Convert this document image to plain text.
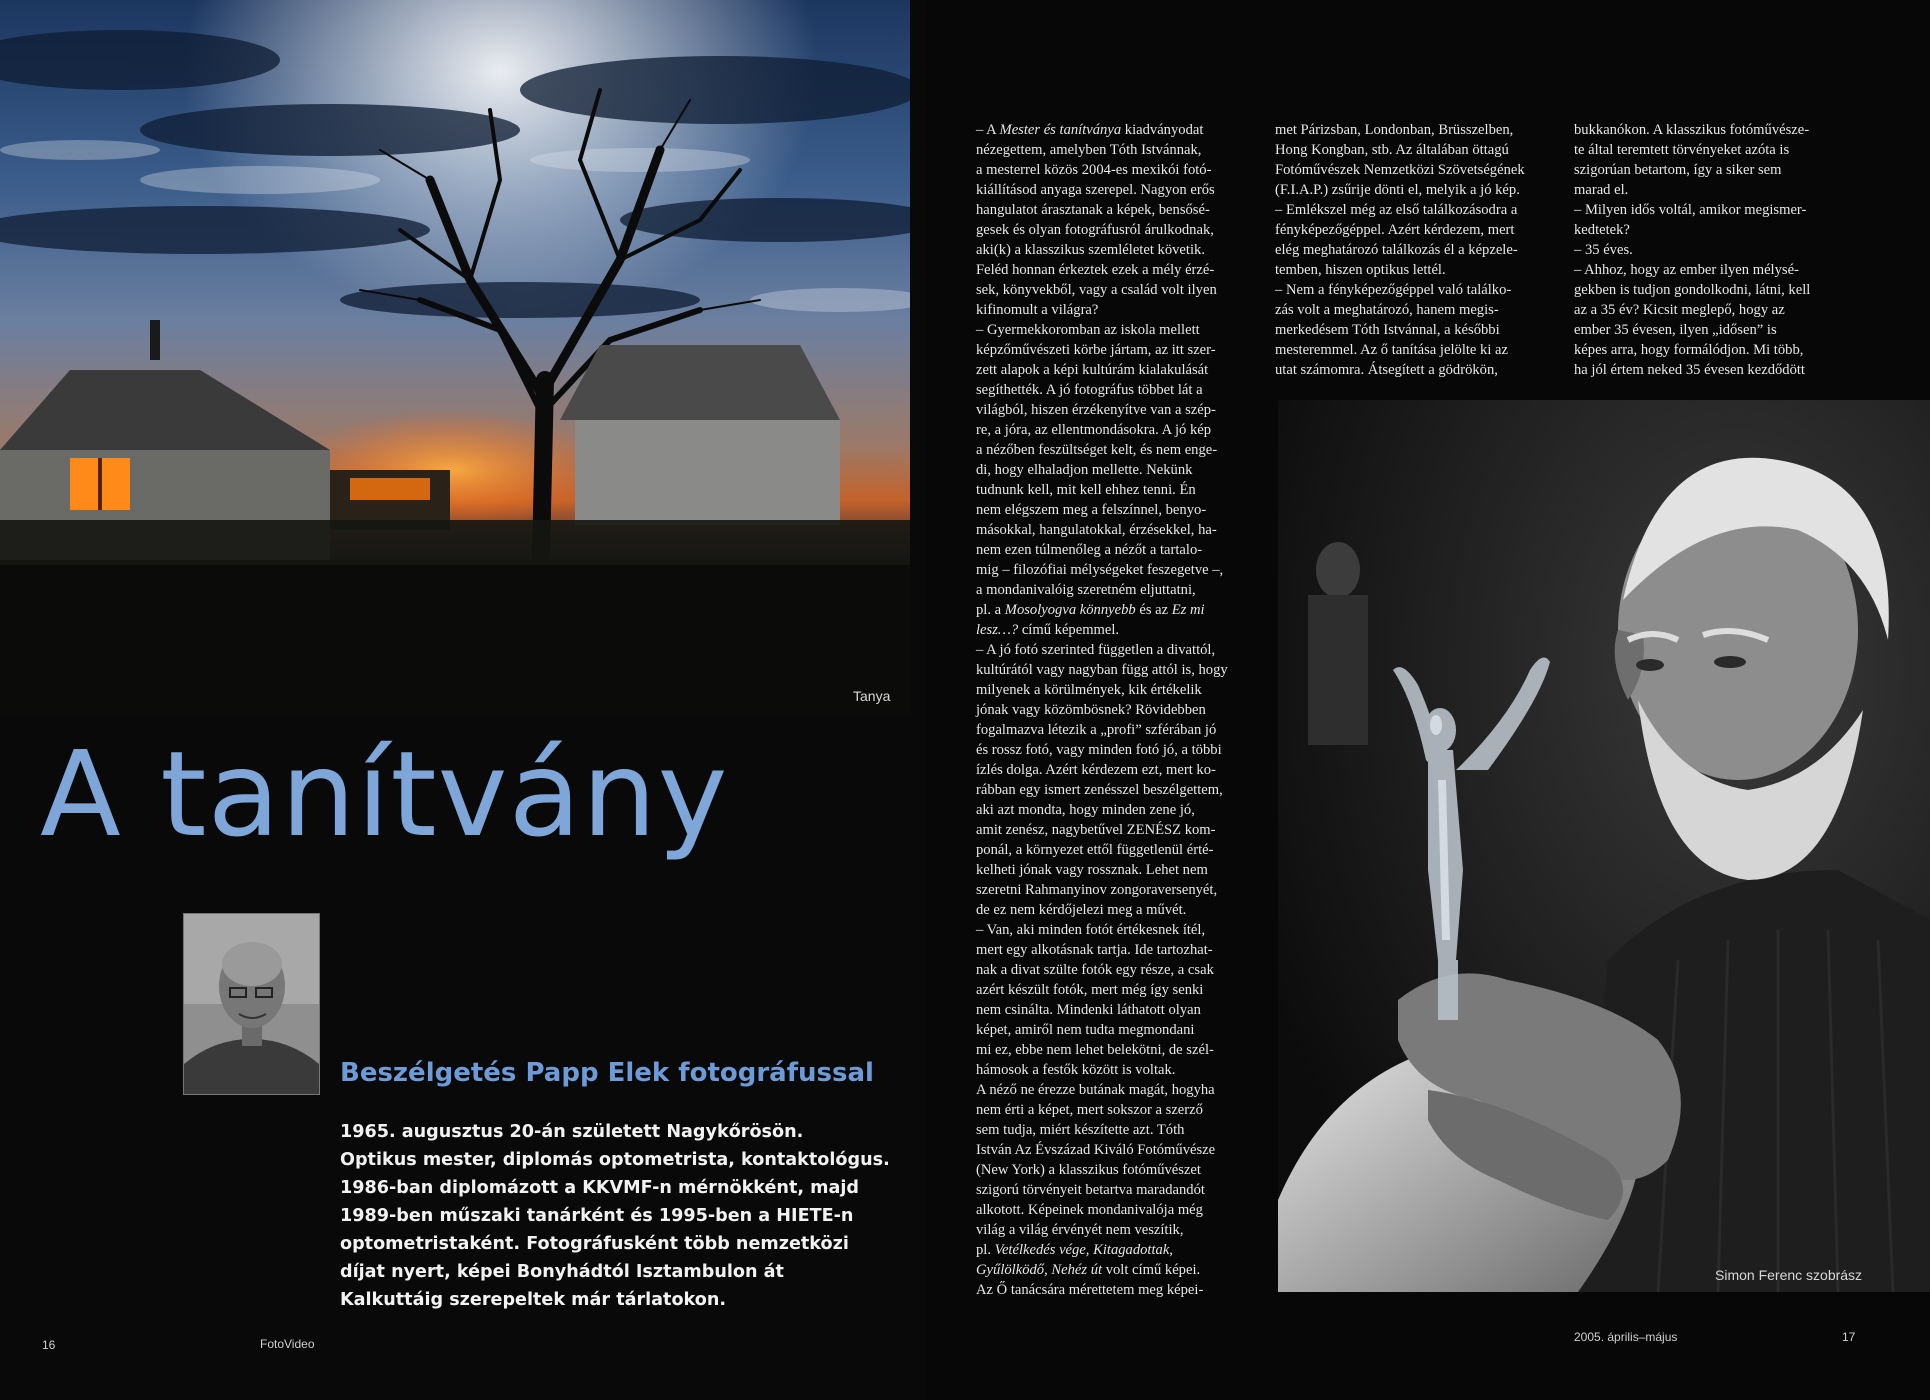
Tanya
A tanítvány
Beszélgetés Papp Elek fotográfussal
1965. augusztus 20-án született Nagykőrösön.
Optikus mester, diplomás optometrista, kontaktológus.
1986-ban diplomázott a KKVMF-n mérnökként, majd
1989-ben műszaki tanárként és 1995-ben a HIETE-n
optometristaként. Fotográfusként több nemzetközi
díjat nyert, képei Bonyhádtól Isztambulon át
Kalkuttáig szerepeltek már tárlatokon.
16	FotoVideo
– A Mester és tanítványa kiadványodat
nézegettem, amelyben Tóth Istvánnak,
a mesterrel közös 2004-es mexikói fotó-
kiállításod anyaga szerepel. Nagyon erős
hangulatot árasztanak a képek, bensősé-
gesek és olyan fotográfusról árulkodnak,
aki(k) a klasszikus szemléletet követik.
Feléd honnan érkeztek ezek a mély érzé-
sek, könyvekből, vagy a család volt ilyen
kifinomult a világra?
– Gyermekkoromban az iskola mellett
képzőművészeti körbe jártam, az itt szer-
zett alapok a képi kultúrám kialakulását
segíthették. A jó fotográfus többet lát a
világból, hiszen érzékenyítve van a szép-
re, a jóra, az ellentmondásokra. A jó kép
a nézőben feszültséget kelt, és nem enge-
di, hogy elhaladjon mellette. Nekünk
tudnunk kell, mit kell ehhez tenni. Én
nem elégszem meg a felszínnel, benyo-
másokkal, hangulatokkal, érzésekkel, ha-
nem ezen túlmenőleg a nézőt a tartalo-
mig – filozófiai mélységeket feszegetve –,
a mondanivalóig szeretném eljuttatni,
pl. a Mosolyogva könnyebb és az Ez mi
lesz…? című képemmel.
– A jó fotó szerinted független a divattól,
kultúrától vagy nagyban függ attól is, hogy
milyenek a körülmények, kik értékelik
jónak vagy közömbösnek? Rövidebben
fogalmazva létezik a „profi” szférában jó
és rossz fotó, vagy minden fotó jó, a többi
ízlés dolga. Azért kérdezem ezt, mert ko-
rábban egy ismert zenésszel beszélgettem,
aki azt mondta, hogy minden zene jó,
amit zenész, nagybetűvel ZENÉSZ kom-
ponál, a környezet ettől függetlenül érté-
kelheti jónak vagy rossznak. Lehet nem
szeretni Rahmanyinov zongoraversenyét,
de ez nem kérdőjelezi meg a művét.
– Van, aki minden fotót értékesnek ítél,
mert egy alkotásnak tartja. Ide tartozhat-
nak a divat szülte fotók egy része, a csak
azért készült fotók, mert még így senki
nem csinálta. Mindenki láthatott olyan
képet, amiről nem tudta megmondani
mi ez, ebbe nem lehet belekötni, de szél-
hámosok a festők között is voltak.
A néző ne érezze butának magát, hogyha
nem érti a képet, mert sokszor a szerző
sem tudja, miért készítette azt. Tóth
István Az Évszázad Kiváló Fotóművésze
(New York) a klasszikus fotóművészet
szigorú törvényeit betartva maradandót
alkotott. Képeinek mondanivalója még
világ a világ érvényét nem veszítik,
pl. Vetélkedés vége, Kitagadottak,
Gyűlölködő, Nehéz út volt című képei.
Az Ő tanácsára mérettetem meg képei-
met Párizsban, Londonban, Brüsszelben,
Hong Kongban, stb. Az általában öttagú
Fotóművészek Nemzetközi Szövetségének
(F.I.A.P.) zsűrije dönti el, melyik a jó kép.
– Emlékszel még az első találkozásodra a
fényképezőgéppel. Azért kérdezem, mert
elég meghatározó találkozás él a képzele-
temben, hiszen optikus lettél.
– Nem a fényképezőgéppel való találko-
zás volt a meghatározó, hanem megis-
merkedésem Tóth Istvánnal, a későbbi
mesteremmel. Az ő tanítása jelölte ki az
utat számomra. Átsegített a gödrökön,
bukkanókon. A klasszikus fotóművésze-
te által teremtett törvényeket azóta is
szigorúan betartom, így a siker sem
marad el.
– Milyen idős voltál, amikor megismer-
kedtetek?
– 35 éves.
– Ahhoz, hogy az ember ilyen mélysé-
gekben is tudjon gondolkodni, látni, kell
az a 35 év? Kicsit meglepő, hogy az
ember 35 évesen, ilyen „idősen” is
képes arra, hogy formálódjon. Mi több,
ha jól értem neked 35 évesen kezdődött
Simon Ferenc szobrász
2005. április–május	17
